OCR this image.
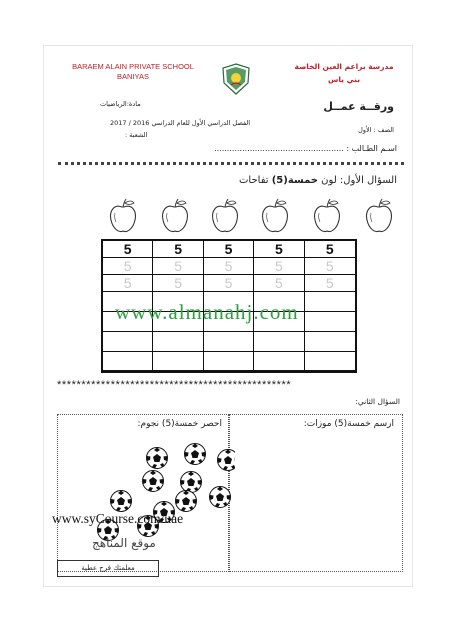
BARAEM ALAIN PRIVATE SCHOOL
BANIYAS
مدرسة براعم العين الخاصة
بني ياس
ورقــة عمــل
مادة:الرياضيات
الفصل الدراسي الأول للعام الدراسي 2016 / 2017
الصف : الأول
الشعبة :
اسـم الطـالب : ...................................................
السؤال الأول: لون خمسة(5) تفاحات
5	5	5	5	5
5	5	5	5	5
5	5	5	5	5
www.almanahj.com
************************************************
السؤال الثاني:
احصر خمسة(5) نجوم:	ارسم خمسة(5) موزات:
www.syCourse.com/uae
موقع المناهج
معلمتك فرح عطية
